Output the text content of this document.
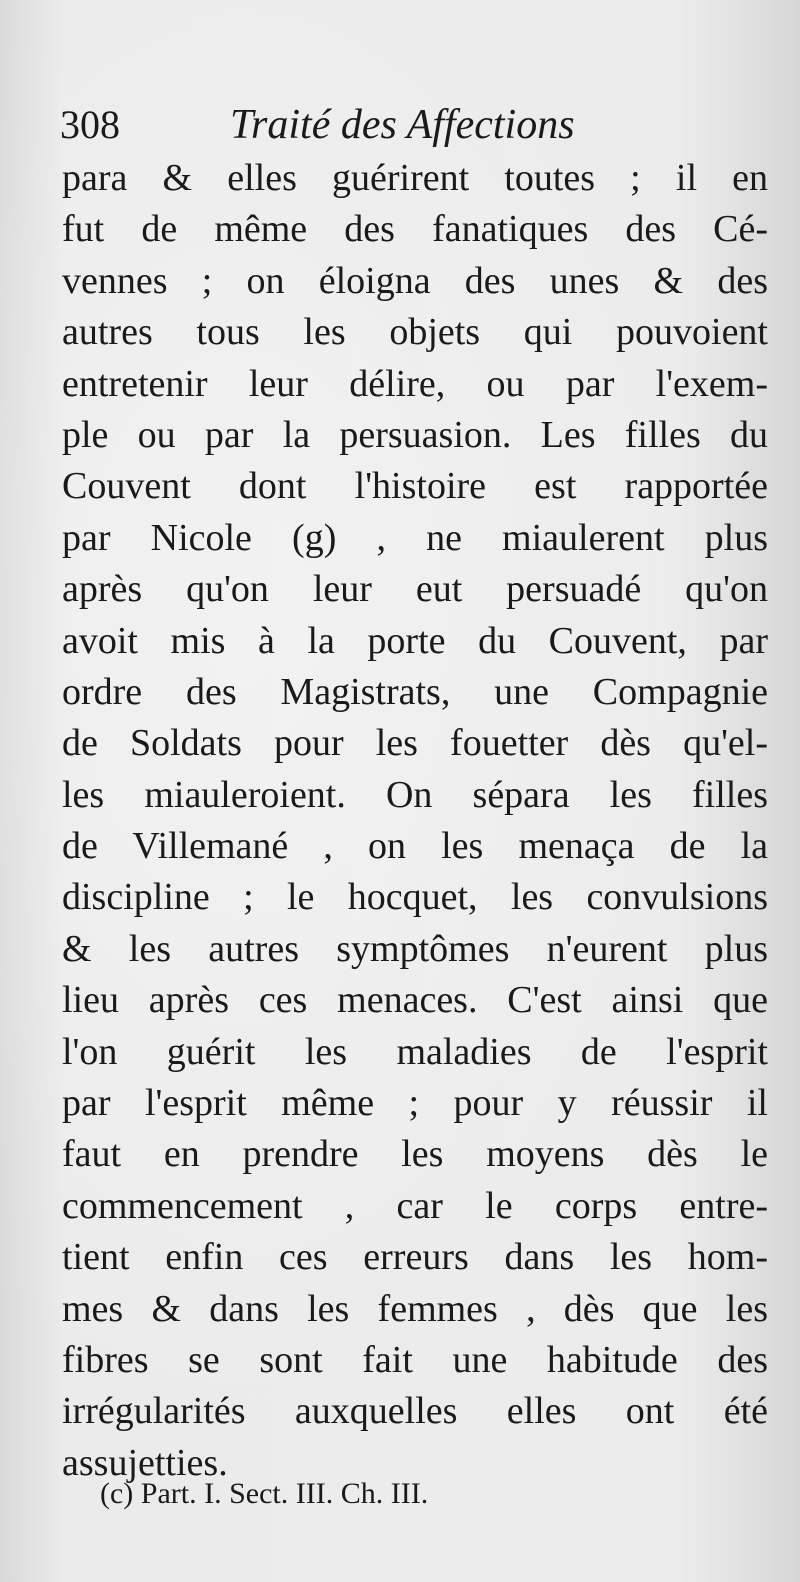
308	Traité des Affections
para & elles guérirent toutes ; il en
fut de même des fanatiques des Cé-
vennes ; on éloigna des unes & des
autres tous les objets qui pouvoient
entretenir leur délire, ou par l'exem-
ple ou par la persuasion. Les filles du
Couvent dont l'histoire est rapportée
par Nicole (g) , ne miaulerent plus
après qu'on leur eut persuadé qu'on
avoit mis à la porte du Couvent, par
ordre des Magistrats, une Compagnie
de Soldats pour les fouetter dès qu'el-
les miauleroient. On sépara les filles
de Villemané , on les menaça de la
discipline ; le hocquet, les convulsions
& les autres symptômes n'eurent plus
lieu après ces menaces. C'est ainsi que
l'on guérit les maladies de l'esprit
par l'esprit même ; pour y réussir il
faut en prendre les moyens dès le
commencement , car le corps entre-
tient enfin ces erreurs dans les hom-
mes & dans les femmes , dès que les
fibres se sont fait une habitude des
irrégularités auxquelles elles ont été
assujetties.
(c) Part. I. Sect. III. Ch. III.
